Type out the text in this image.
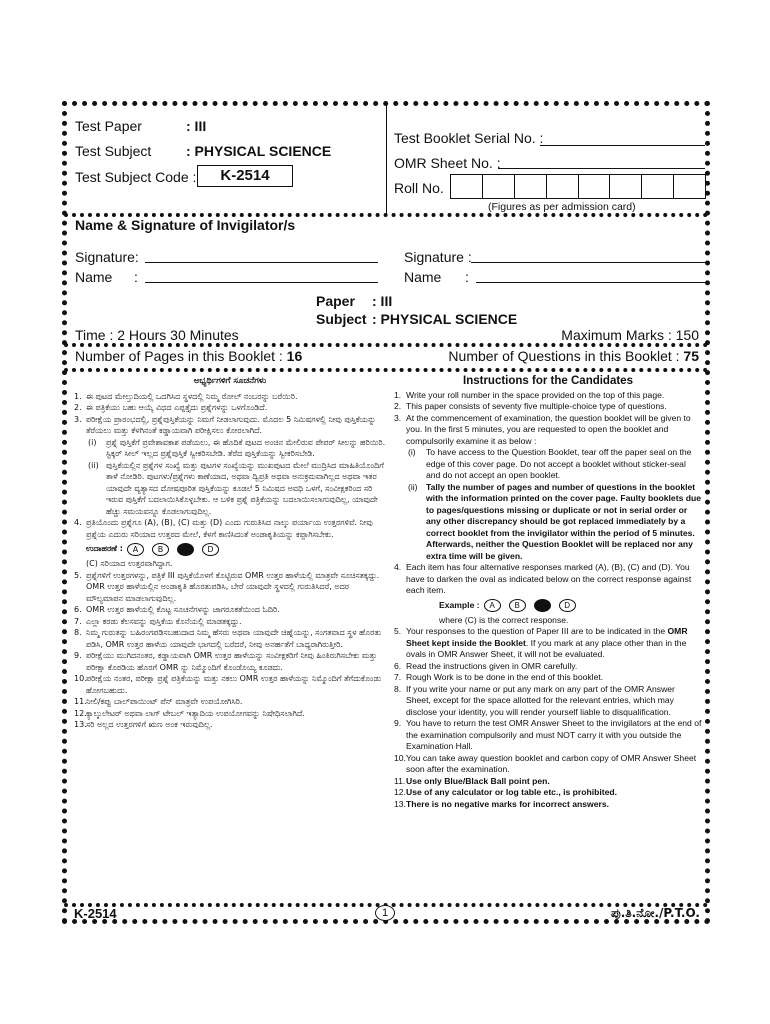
Test Paper	: III
Test Subject : PHYSICAL SCIENCE
Test Subject Code :	K-2514
Test Booklet Serial No. :
OMR Sheet No. :
Roll No.
(Figures as per admission card)
Name & Signature of Invigilator/s
Signature:
Name :
Signature :
Name :
Paper : III
Subject : PHYSICAL SCIENCE
Time : 2 Hours 30 Minutes	Maximum Marks : 150
Number of Pages in this Booklet : 16	Number of Questions in this Booklet : 75
ಅಭ್ಯರ್ಥಿಗಳಿಗೆ ಸೂಚನೆಗಳು

1. ಈ ಪುಟದ ಮೇಲ್ತುದಿಯಲ್ಲಿ ಒದಗಿಸಿದ ಸ್ಥಳದಲ್ಲಿ ನಿಮ್ಮ ರೋಲ್ ನಂಬರನ್ನು ಬರೆಯಿರಿ.

2. ಈ ಪತ್ರಿಕೆಯು ಬಹು ಆಯ್ಕೆ ವಿಧದ ಎಪ್ಪತ್ತೈದು ಪ್ರಶ್ನೆಗಳನ್ನು ಒಳಗೊಂಡಿದೆ.

3. ಪರೀಕ್ಷೆಯ ಪ್ರಾರಂಭದಲ್ಲಿ, ಪ್ರಶ್ನೆಪುಸ್ತಿಕೆಯನ್ನು ನಿಮಗೆ ನೀಡಲಾಗುವುದು. ಮೊದಲ 5 ನಿಮಿಷಗಳಲ್ಲಿ ನೀವು ಪುಸ್ತಿಕೆಯನ್ನು ತೆರೆಯಲು ಮತ್ತು ಕೆಳಗಿನಂತೆ ಕಡ್ಡಾಯವಾಗಿ ಪರೀಕ್ಷಿಸಲು ಕೋರಲಾಗಿದೆ.

(i) ಪ್ರಶ್ನೆ ಪುಸ್ತಿಕೆಗೆ ಪ್ರವೇಶಾವಕಾಶ ಪಡೆಯಲು, ಈ ಹೊದಿಕೆ ಪುಟದ ಅಂಚಿನ ಮೇಲಿರುವ ಪೇಪರ್ ಸೀಲನ್ನು ಹರಿಯಿರಿ. ಸ್ಟಿಕ್ಕರ್ ಸೀಲ್ ಇಲ್ಲದ ಪ್ರಶ್ನೆಪುಸ್ತಿಕೆ ಸ್ವೀಕರಿಸಬೇಡಿ. ತೆರೆದ ಪುಸ್ತಿಕೆಯನ್ನು ಸ್ವೀಕರಿಸಬೇಡಿ.

(ii) ಪುಸ್ತಿಕೆಯಲ್ಲಿನ ಪ್ರಶ್ನೆಗಳ ಸಂಖ್ಯೆ ಮತ್ತು ಪುಟಗಳ ಸಂಖ್ಯೆಯನ್ನು ಮುಖಪುಟದ ಮೇಲೆ ಮುದ್ರಿಸಿದ ಮಾಹಿತಿಯೊಂದಿಗೆ ತಾಳೆ ನೋಡಿರಿ. ಪುಟಗಳು/ಪ್ರಶ್ನೆಗಳು ಕಾಣೆಯಾದ, ಅಥವಾ ದ್ವಿಪ್ರತಿ ಅಥವಾ ಅನುಕ್ರಮವಾಗಿಲ್ಲದ ಅಥವಾ ಇತರ ಯಾವುದೇ ವ್ಯತ್ಯಾಸದ ದೋಷಪೂರಿತ ಪುಸ್ತಿಕೆಯನ್ನು ಕೂಡಲೆ 5 ನಿಮಿಷದ ಅವಧಿ ಒಳಗೆ, ಸಂವೀಕ್ಷಕರಿಂದ ಸರಿ ಇರುವ ಪುಸ್ತಿಕೆಗೆ ಬದಲಾಯಿಸಿಕೊಳ್ಳಬೇಕು. ಆ ಬಳಿಕ ಪ್ರಶ್ನೆ ಪತ್ರಿಕೆಯನ್ನು ಬದಲಾಯಿಸಲಾಗುವುದಿಲ್ಲ, ಯಾವುದೇ ಹೆಚ್ಚು ಸಮಯವನ್ನೂ ಕೊಡಲಾಗುವುದಿಲ್ಲ.

4. ಪ್ರತಿಯೊಂದು ಪ್ರಶ್ನೆಗೂ (A), (B), (C) ಮತ್ತು (D) ಎಂದು ಗುರುತಿಸಿದ ನಾಲ್ಕು ಪರ್ಯಾಯ ಉತ್ತರಗಳಿವೆ. ನೀವು ಪ್ರಶ್ನೆಯ ಎದುರು ಸರಿಯಾದ ಉತ್ತರದ ಮೇಲೆ, ಕೆಳಗೆ ಕಾಣಿಸಿದಂತೆ ಅಂಡಾಕೃತಿಯನ್ನು ಕಪ್ಪಾಗಿಸಬೇಕು.

ಉದಾಹರಣೆ :	A B	D
(C) ಸರಿಯಾದ ಉತ್ತರವಾಗಿದ್ದಾಗ.

5. ಪ್ರಶ್ನೆಗಳಿಗೆ ಉತ್ತರಗಳನ್ನು, ಪತ್ರಿಕೆ III ಪುಸ್ತಿಕೆಯೊಳಗೆ ಕೊಟ್ಟಿರುವ OMR ಉತ್ತರ ಹಾಳೆಯಲ್ಲಿ ಮಾತ್ರವೇ ಸೂಚಿಸತಕ್ಕದ್ದು. OMR ಉತ್ತರ ಹಾಳೆಯಲ್ಲಿನ ಅಂಡಾಕೃತಿ ಹೊರತುಪಡಿಸಿ, ಬೇರೆ ಯಾವುದೇ ಸ್ಥಳದಲ್ಲಿ ಗುರುತಿಸಿದರೆ, ಅದರ ಮೌಲ್ಯಮಾಪನ ಮಾಡಲಾಗುವುದಿಲ್ಲ.

6. OMR ಉತ್ತರ ಹಾಳೆಯಲ್ಲಿ ಕೊಟ್ಟ ಸೂಚನೆಗಳನ್ನು ಜಾಗರೂಕತೆಯಿಂದ ಓದಿರಿ.

7. ಎಲ್ಲಾ ಕರಡು ಕೆಲಸವನ್ನು ಪುಸ್ತಿಕೆಯ ಕೊನೆಯಲ್ಲಿ ಮಾಡತಕ್ಕದ್ದು.

8. ನಿಮ್ಮ ಗುರುತನ್ನು ಬಹಿರಂಗಪಡಿಸಬಹುದಾದ ನಿಮ್ಮ ಹೆಸರು ಅಥವಾ ಯಾವುದೇ ಚಿಹ್ನೆಯನ್ನು, ಸಂಗತವಾದ ಸ್ಥಳ ಹೊರತು ಪಡಿಸಿ, OMR ಉತ್ತರ ಹಾಳೆಯ ಯಾವುದೇ ಭಾಗದಲ್ಲಿ ಬರೆದರೆ, ನೀವು ಅನರ್ಹತೆಗೆ ಬಾಧ್ಯರಾಗಿರುತ್ತೀರಿ.

9. ಪರೀಕ್ಷೆಯು ಮುಗಿದನಂತರ, ಕಡ್ಡಾಯವಾಗಿ OMR ಉತ್ತರ ಹಾಳೆಯನ್ನು ಸಂವೀಕ್ಷಕರಿಗೆ ನೀವು ಹಿಂತಿರುಗಿಸಬೇಕು ಮತ್ತು ಪರೀಕ್ಷಾ ಕೊಠಡಿಯ ಹೊರಗೆ OMR ನ್ನು ನಿಮ್ಮೊಂದಿಗೆ ಕೊಂಡೊಯ್ಯ ಕೂಡದು.

10. ಪರೀಕ್ಷೆಯ ನಂತರ, ಪರೀಕ್ಷಾ ಪ್ರಶ್ನೆ ಪತ್ರಿಕೆಯನ್ನು ಮತ್ತು ನಕಲು OMR ಉತ್ತರ ಹಾಳೆಯನ್ನು ನಿಮ್ಮೊಂದಿಗೆ ತೆಗೆದುಕೊಂಡು ಹೋಗಬಹುದು.

11. ನೀಲಿ/ಕಪ್ಪು ಬಾಲ್‌ಪಾಯಿಂಟ್ ಪೆನ್ ಮಾತ್ರವೇ ಉಪಯೋಗಿಸಿರಿ.

12. ಕ್ಯಾಲ್ಕುಲೇಟರ್ ಅಥವಾ ಲಾಗ್ ಟೇಬಲ್ ಇತ್ಯಾದಿಯ ಉಪಯೋಗವನ್ನು ನಿಷೇಧಿಸಲಾಗಿದೆ.

13. ಸರಿ ಅಲ್ಲದ ಉತ್ತರಗಳಿಗೆ ಋಣ ಅಂಕ ಇರುವುದಿಲ್ಲ.

Instructions for the Candidates

1. Write your roll number in the space provided on the top of this page.

2. This paper consists of seventy five multiple-choice type of questions.

3. At the commencement of examination, the question booklet will be given to you. In the first 5 minutes, you are requested to open the booklet and compulsorily examine it as below :

(i) To have access to the Question Booklet, tear off the paper seal on the edge of this cover page. Do not accept a booklet without sticker-seal and do not accept an open booklet.

(ii) Tally the number of pages and number of questions in the booklet with the information printed on the cover page. Faulty booklets due to pages/questions missing or duplicate or not in serial order or any other discrepancy should be got replaced immediately by a correct booklet from the invigilator within the period of 5 minutes. Afterwards, neither the Question Booklet will be replaced nor any extra time will be given.

4. Each item has four alternative responses marked (A), (B), (C) and (D). You have to darken the oval as indicated below on the correct response against each item.

Example :	A B	D
where (C) is the correct response.

5. Your responses to the question of Paper III are to be indicated in the OMR Sheet kept inside the Booklet. If you mark at any place other than in the ovals in OMR Answer Sheet, it will not be evaluated.

6. Read the instructions given in OMR carefully.

7. Rough Work is to be done in the end of this booklet.

8. If you write your name or put any mark on any part of the OMR Answer Sheet, except for the space allotted for the relevant entries, which may disclose your identity, you will render yourself liable to disqualification.

9. You have to return the test OMR Answer Sheet to the invigilators at the end of the examination compulsorily and must NOT carry it with you outside the Examination Hall.

10. You can take away question booklet and carbon copy of OMR Answer Sheet soon after the examination.

11. Use only Blue/Black Ball point pen.

12. Use of any calculator or log table etc., is prohibited.

13. There is no negative marks for incorrect answers.

K-2514	1	ಪು.ತಿ.ನೋ./P.T.O.
